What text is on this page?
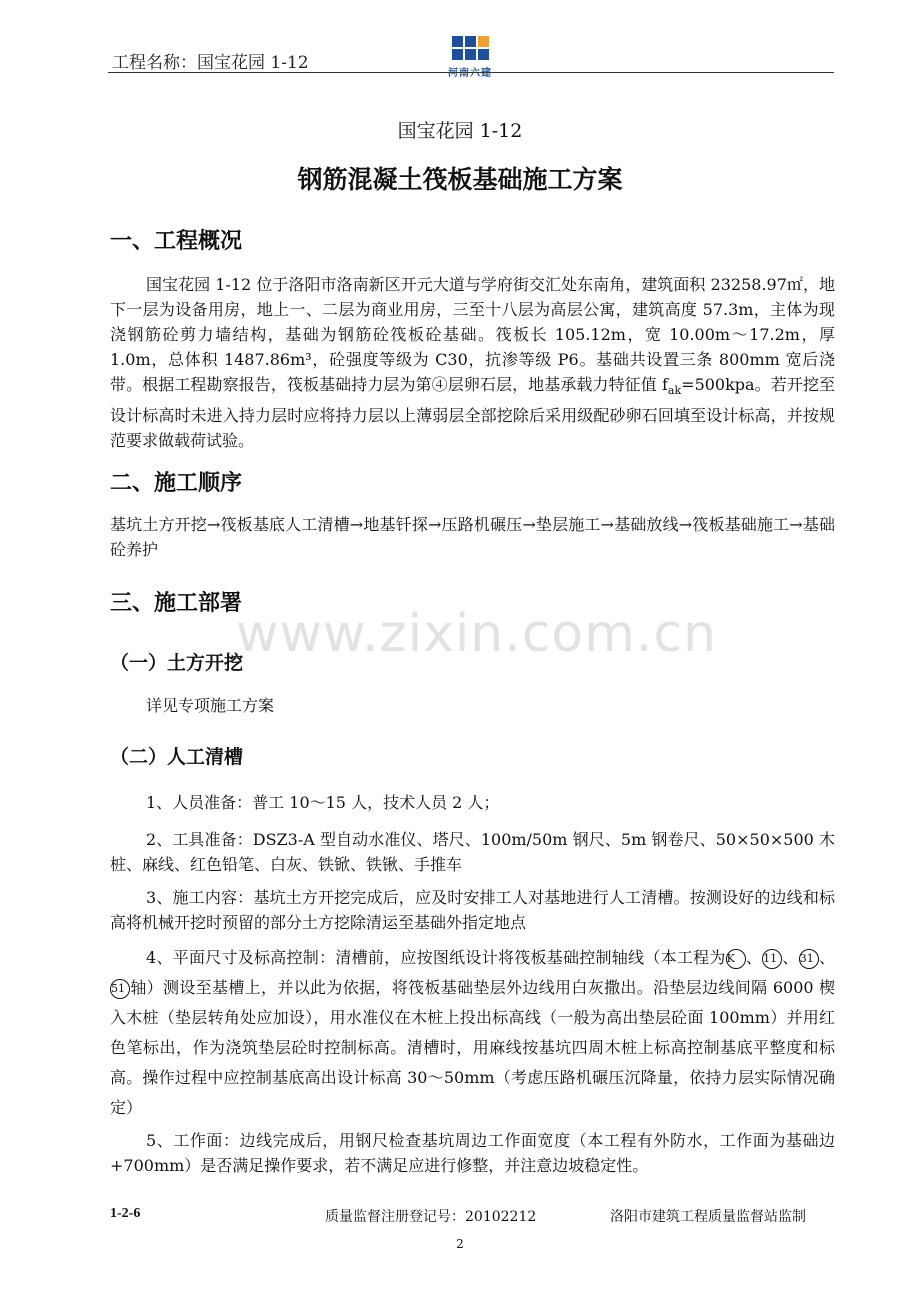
工程名称：国宝花园 1-12
河南六建
www.zixin.com.cn
国宝花园 1-12
钢筋混凝土筏板基础施工方案
一、工程概况
国宝花园 1-12 位于洛阳市洛南新区开元大道与学府街交汇处东南角，建筑面积 23258.97㎡，地下一层为设备用房，地上一、二层为商业用房，三至十八层为高层公寓，建筑高度 57.3m，主体为现浇钢筋砼剪力墙结构，基础为钢筋砼筏板砼基础。筏板长 105.12m，宽 10.00m～17.2m，厚 1.0m，总体积 1487.86m³，砼强度等级为 C30，抗渗等级 P6。基础共设置三条 800mm 宽后浇带。根据工程勘察报告，筏板基础持力层为第④层卵石层，地基承载力特征值 $f_{ak}=500kpa$。若开挖至设计标高时未进入持力层时应将持力层以上薄弱层全部挖除后采用级配砂卵石回填至设计标高，并按规范要求做载荷试验。
二、施工顺序
基坑土方开挖→筏板基底人工清槽→地基钎探→压路机碾压→垫层施工→基础放线→筏板基础施工→基础砼养护
三、施工部署
（一）土方开挖
详见专项施工方案
（二）人工清槽
1、人员准备：普工 10～15 人，技术人员 2 人；
2、工具准备：DSZ3-A 型自动水准仪、塔尺、100m/50m 钢尺、5m 钢卷尺、50×50×500 木桩、麻线、红色铅笔、白灰、铁锨、铁锹、手推车
3、施工内容：基坑土方开挖完成后，应及时安排工人对基地进行人工清槽。按测设好的边线和标高将机械开挖时预留的部分土方挖除清运至基础外指定地点
4、平面尺寸及标高控制：清槽前，应按图纸设计将筏板基础控制轴线（本工程为K 、11 、31 、51 轴）测设至基槽上，并以此为依据，将筏板基础垫层外边线用白灰撒出。沿垫层边线间隔 6000 楔入木桩（垫层转角处应加设），用水准仪在木桩上投出标高线（一般为高出垫层砼面 100mm）并用红色笔标出，作为浇筑垫层砼时控制标高。清槽时，用麻线按基坑四周木桩上标高控制基底平整度和标高。操作过程中应控制基底高出设计标高 30～50mm（考虑压路机碾压沉降量，依持力层实际情况确定）
5、工作面：边线完成后，用钢尺检查基坑周边工作面宽度（本工程有外防水，工作面为基础边+700mm）是否满足操作要求，若不满足应进行修整，并注意边坡稳定性。
1-2-6	质量监督注册登记号：20102212	洛阳市建筑工程质量监督站监制
2
